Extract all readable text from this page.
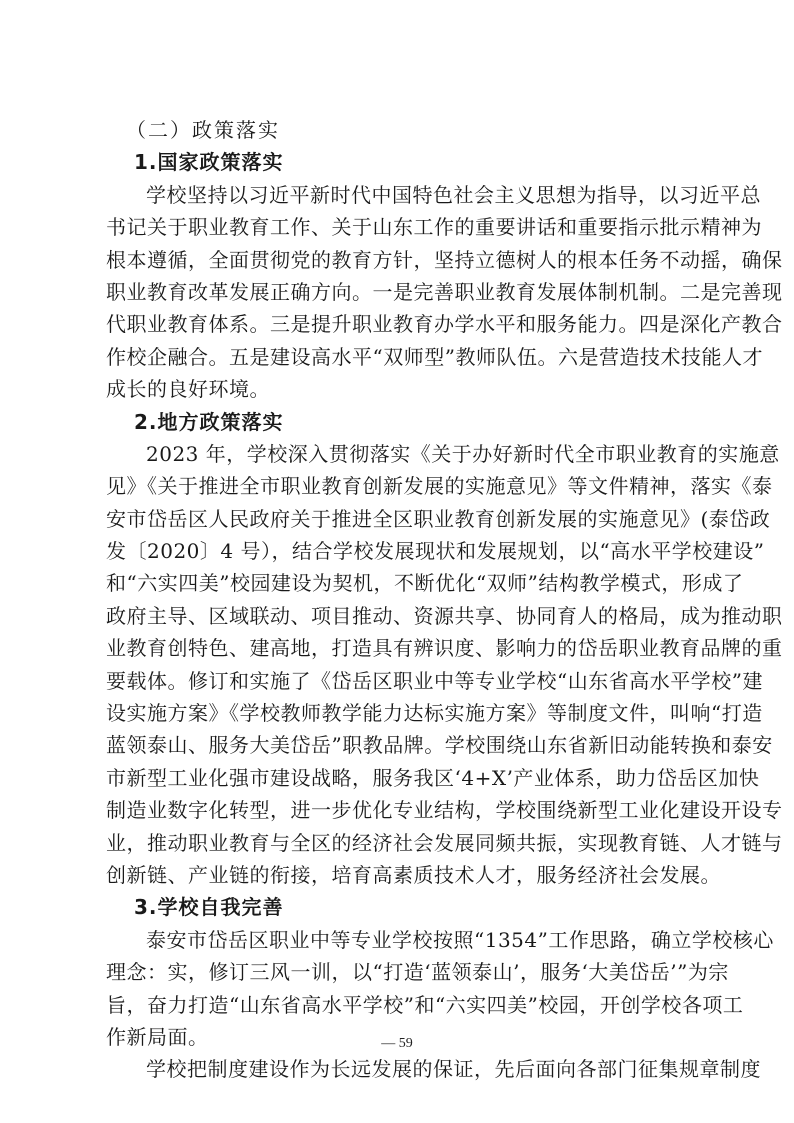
（二）政策落实
1.国家政策落实
学校坚持以习近平新时代中国特色社会主义思想为指导，以习近平总
书记关于职业教育工作、关于山东工作的重要讲话和重要指示批示精神为
根本遵循，全面贯彻党的教育方针，坚持立德树人的根本任务不动摇，确保
职业教育改革发展正确方向。一是完善职业教育发展体制机制。二是完善现
代职业教育体系。三是提升职业教育办学水平和服务能力。四是深化产教合
作校企融合。五是建设高水平“双师型”教师队伍。六是营造技术技能人才
成长的良好环境。
2.地方政策落实
2023 年，学校深入贯彻落实《关于办好新时代全市职业教育的实施意
见》《关于推进全市职业教育创新发展的实施意见》等文件精神，落实《泰
安市岱岳区人民政府关于推进全区职业教育创新发展的实施意见》(泰岱政
发〔2020〕4 号），结合学校发展现状和发展规划，以“高水平学校建设”
和“六实四美”校园建设为契机，不断优化“双师”结构教学模式，形成了
政府主导、区域联动、项目推动、资源共享、协同育人的格局，成为推动职
业教育创特色、建高地，打造具有辨识度、影响力的岱岳职业教育品牌的重
要载体。修订和实施了《岱岳区职业中等专业学校“山东省高水平学校”建
设实施方案》《学校教师教学能力达标实施方案》等制度文件，叫响“打造
蓝领泰山、服务大美岱岳”职教品牌。学校围绕山东省新旧动能转换和泰安
市新型工业化强市建设战略，服务我区‘4+X’产业体系，助力岱岳区加快
制造业数字化转型，进一步优化专业结构，学校围绕新型工业化建设开设专
业，推动职业教育与全区的经济社会发展同频共振，实现教育链、人才链与
创新链、产业链的衔接，培育高素质技术人才，服务经济社会发展。
3.学校自我完善
泰安市岱岳区职业中等专业学校按照“1354”工作思路，确立学校核心
理念：实，修订三风一训，以“打造‘蓝领泰山’，服务‘大美岱岳’”为宗
旨，奋力打造“山东省高水平学校”和“六实四美”校园，开创学校各项工
作新局面。
学校把制度建设作为长远发展的保证，先后面向各部门征集规章制度
— 59
